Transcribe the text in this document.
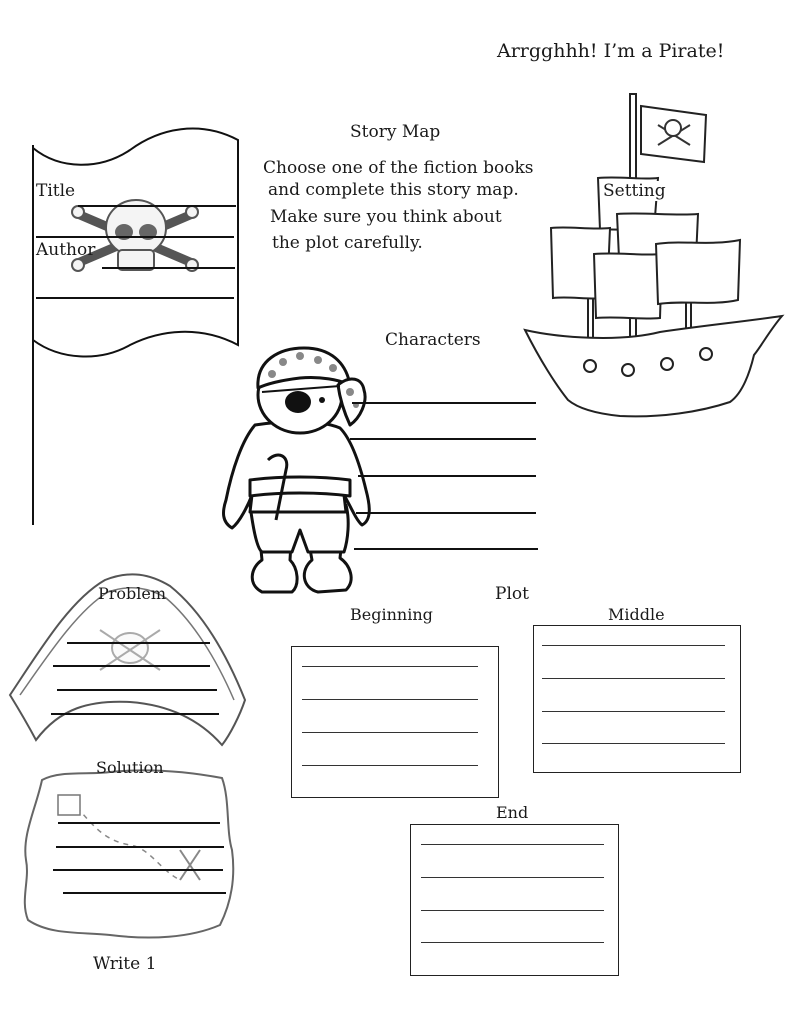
Arrgghhh! I’m a Pirate!
Story Map
Choose one of the fiction books
and complete this story map.
Make sure you think about
the plot carefully.
Title
Author
Setting
Characters
Plot
Beginning	Middle
End
Problem
Solution
Write 1
